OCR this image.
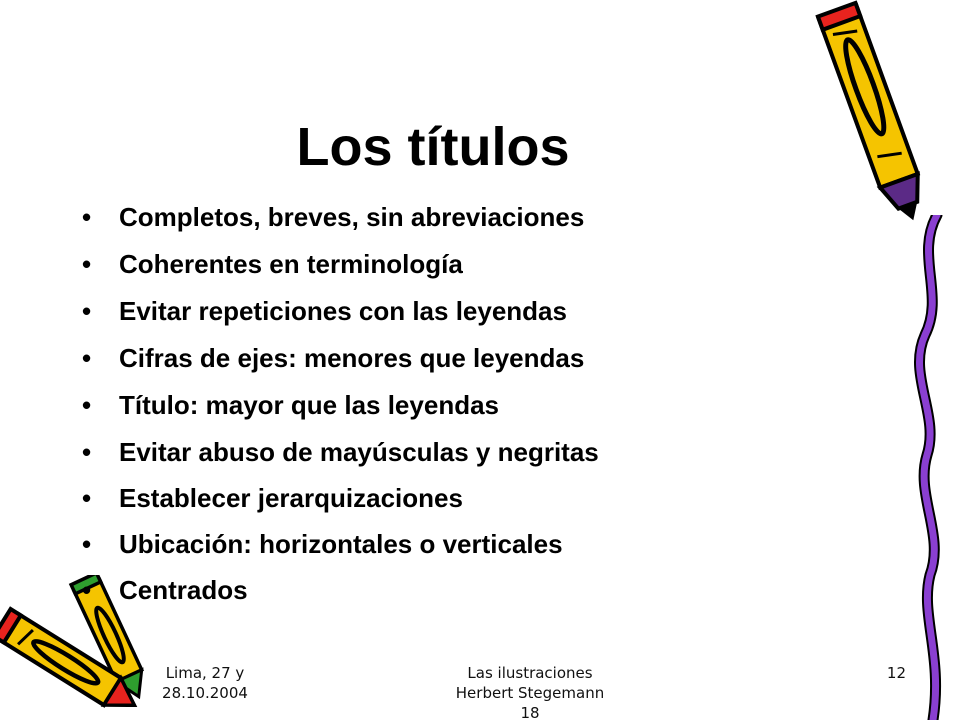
Los títulos
• Completos, breves, sin abreviaciones
• Coherentes en terminología
• Evitar repeticiones con las leyendas
• Cifras de ejes: menores que leyendas
• Título: mayor que las leyendas
• Evitar abuso de mayúsculas y negritas
• Establecer jerarquizaciones
• Ubicación: horizontales o verticales
• Centrados
Lima, 27 y
28.10.2004
Las ilustraciones
Herbert Stegemann
18
12
